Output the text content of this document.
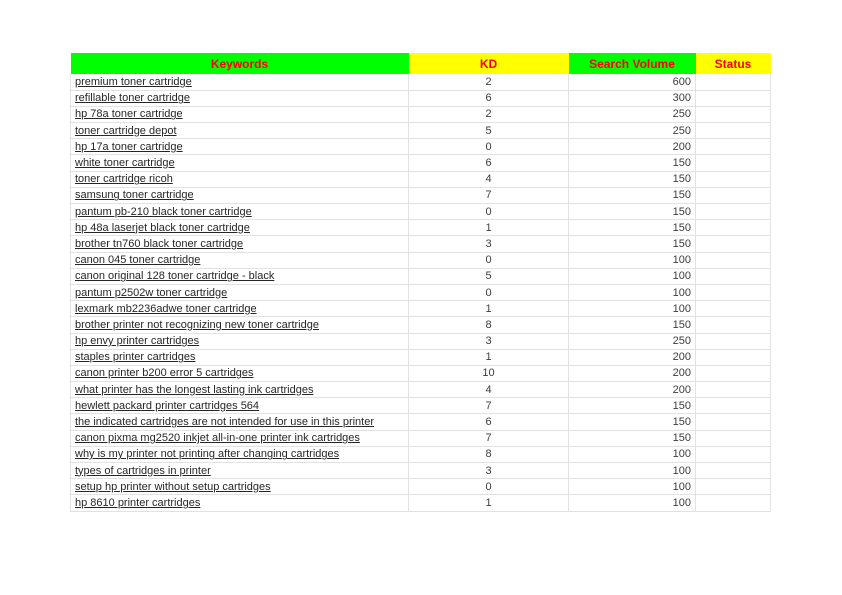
Keywords	KD	Search Volume	Status
premium toner cartridge	2	600	
refillable toner cartridge	6	300	
hp 78a toner cartridge	2	250	
toner cartridge depot	5	250	
hp 17a toner cartridge	0	200	
white toner cartridge	6	150	
toner cartridge ricoh	4	150	
samsung toner cartridge	7	150	
pantum pb-210 black toner cartridge	0	150	
hp 48a laserjet black toner cartridge	1	150	
brother tn760 black toner cartridge	3	150	
canon 045 toner cartridge	0	100	
canon original 128 toner cartridge - black	5	100	
pantum p2502w toner cartridge	0	100	
lexmark mb2236adwe toner cartridge	1	100	
brother printer not recognizing new toner cartridge	8	150	
hp envy printer cartridges	3	250	
staples printer cartridges	1	200	
canon printer b200 error 5 cartridges	10	200	
what printer has the longest lasting ink cartridges	4	200	
hewlett packard printer cartridges 564	7	150	
the indicated cartridges are not intended for use in this printer	6	150	
canon pixma mg2520 inkjet all-in-one printer ink cartridges	7	150	
why is my printer not printing after changing cartridges	8	100	
types of cartridges in printer	3	100	
setup hp printer without setup cartridges	0	100	
hp 8610 printer cartridges	1	100	
